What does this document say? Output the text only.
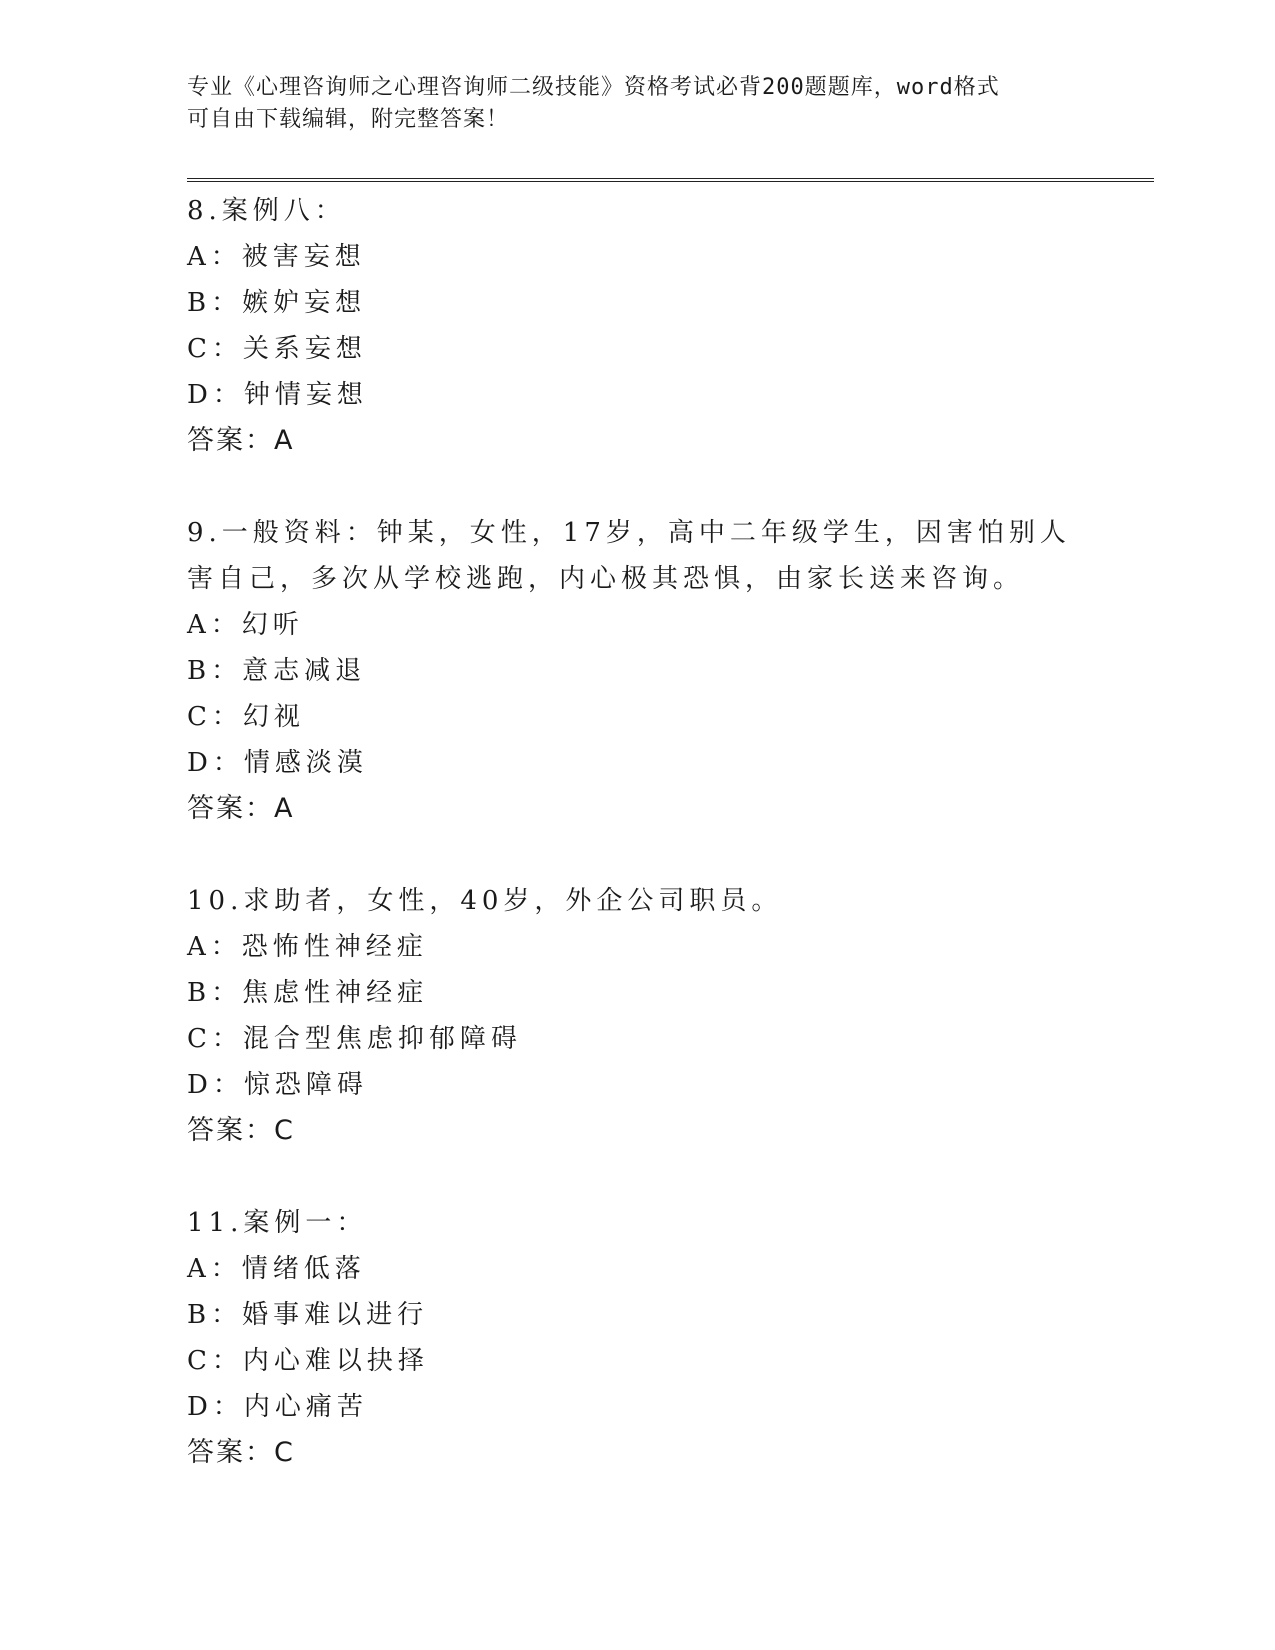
专业《心理咨询师之心理咨询师二级技能》资格考试必背200题题库，word格式
可自由下载编辑，附完整答案！
8.案例八：
A：被害妄想
B：嫉妒妄想
C：关系妄想
D：钟情妄想
答案：A
9.一般资料：钟某，女性，17岁，高中二年级学生，因害怕别人害自己，多次从学校逃跑，内心极其恐惧，由家长送来咨询。
A：幻听
B：意志减退
C：幻视
D：情感淡漠
答案：A
10.求助者，女性，40岁，外企公司职员。
A：恐怖性神经症
B：焦虑性神经症
C：混合型焦虑抑郁障碍
D：惊恐障碍
答案：C
11.案例一：
A：情绪低落
B：婚事难以进行
C：内心难以抉择
D：内心痛苦
答案：C
